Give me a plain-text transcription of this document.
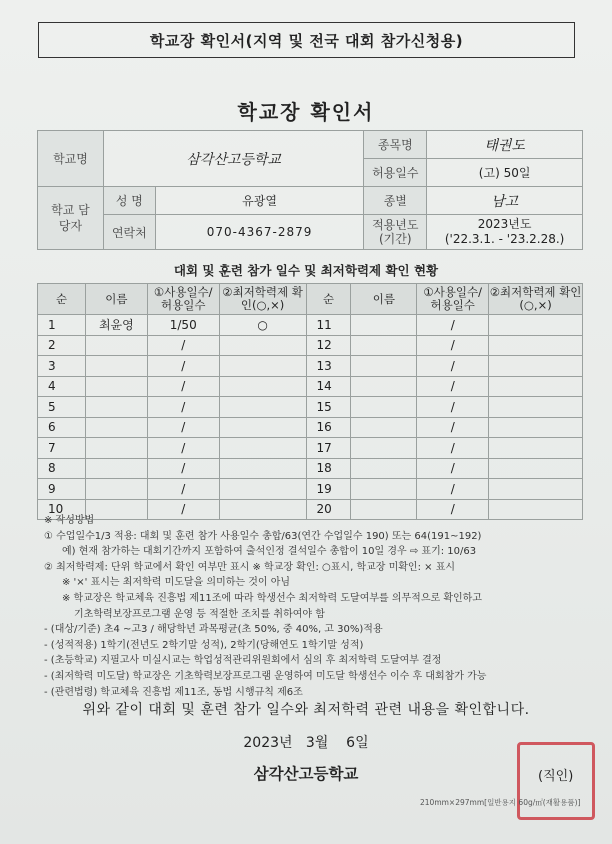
학교장 확인서(지역 및 전국 대회 참가신청용)
학교장 확인서
학교명	삼각산고등학교		종목명	태권도
			허용일수	(고) 50일
학교 담당자	성 명	유광열	종별	남고
	연락처	070-4367-2879	적용년도 (기간)	2023년도
('22.3.1. - '23.2.28.)
대회 및 훈련 참가 일수 및 최저학력제 확인 현황
순	이름	①사용일수/ 허용일수	②최저학력제 확인(○,×)	순	이름	①사용일수/ 허용일수	②최저학력제 확인(○,×)
1	최윤영	1/50	○	11		/	
2		/		12		/	
3		/		13		/	
4		/		14		/	
5		/		15		/	
6		/		16		/	
7		/		17		/	
8		/		18		/	
9		/		19		/	
10		/		20		/	
※ 작성방법
① 수업일수1/3 적용: 대회 및 훈련 참가 사용일수 총합/63(연간 수업일수 190) 또는 64(191~192)
예) 현재 참가하는 대회기간까지 포함하여 출석인정 결석일수 총합이 10일 경우 ⇨ 표기: 10/63
② 최저학력제: 단위 학교에서 확인 여부만 표시 ※ 학교장 확인: ○표시, 학교장 미확인: × 표시
※ '×' 표시는 최저학력 미도달을 의미하는 것이 아님
※ 학교장은 학교체육 진흥법 제11조에 따라 학생선수 최저학력 도달여부를 의무적으로 확인하고
기초학력보장프로그램 운영 등 적절한 조치를 취하여야 함
- (대상/기준) 초4 ~고3 / 해당학년 과목평균(초 50%, 중 40%, 고 30%)적용
- (성적적용) 1학기(전년도 2학기말 성적), 2학기(당해연도 1학기말 성적)
- (초등학교) 지필고사 미실시교는 학업성적관리위원회에서 심의 후 최저학력 도달여부 결정
- (최저학력 미도달) 학교장은 기초학력보장프로그램 운영하여 미도달 학생선수 이수 후 대회참가 가능
- (관련법령) 학교체육 진흥법 제11조, 동법 시행규칙 제6조
위와 같이 대회 및 훈련 참가 일수와 최저학력 관련 내용을 확인합니다.
2023년 3월 6일
삼각산고등학교	(직인)
210mm×297mm[일반용지 60g/㎡(재활용품)]
